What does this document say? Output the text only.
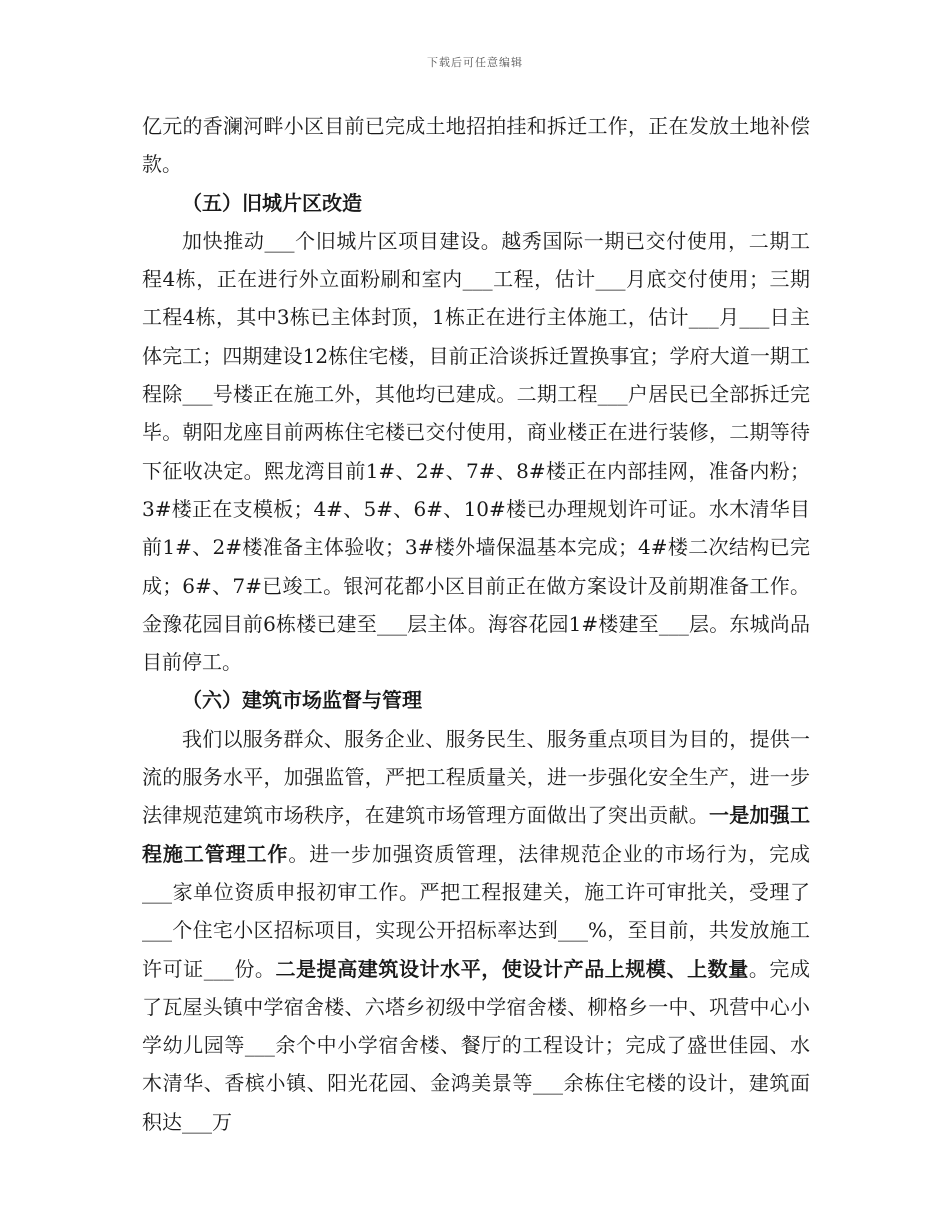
下载后可任意编辑

亿元的香澜河畔小区目前已完成土地招拍挂和拆迁工作，正在发放土地补偿款。

（五）旧城片区改造

加快推动___个旧城片区项目建设。越秀国际一期已交付使用，二期工程4栋，正在进行外立面粉刷和室内___工程，估计___月底交付使用；三期工程4栋，其中3栋已主体封顶，1栋正在进行主体施工，估计___月___日主体完工；四期建设12栋住宅楼，目前正洽谈拆迁置换事宜；学府大道一期工程除___号楼正在施工外，其他均已建成。二期工程___户居民已全部拆迁完毕。朝阳龙座目前两栋住宅楼已交付使用，商业楼正在进行装修，二期等待下征收决定。熙龙湾目前1#、2#、7#、8#楼正在内部挂网，准备内粉；3#楼正在支模板；4#、5#、6#、10#楼已办理规划许可证。水木清华目前1#、2#楼准备主体验收；3#楼外墙保温基本完成；4#楼二次结构已完成；6#、7#已竣工。银河花都小区目前正在做方案设计及前期准备工作。金豫花园目前6栋楼已建至___层主体。海容花园1#楼建至___层。东城尚品目前停工。

（六）建筑市场监督与管理

我们以服务群众、服务企业、服务民生、服务重点项目为目的，提供一流的服务水平，加强监管，严把工程质量关，进一步强化安全生产，进一步法律规范建筑市场秩序，在建筑市场管理方面做出了突出贡献。一是加强工程施工管理工作。进一步加强资质管理，法律规范企业的市场行为，完成___家单位资质申报初审工作。严把工程报建关，施工许可审批关，受理了___个住宅小区招标项目，实现公开招标率达到___%，至目前，共发放施工许可证___份。二是提高建筑设计水平，使设计产品上规模、上数量。完成了瓦屋头镇中学宿舍楼、六塔乡初级中学宿舍楼、柳格乡一中、巩营中心小学幼儿园等___余个中小学宿舍楼、餐厅的工程设计；完成了盛世佳园、水木清华、香槟小镇、阳光花园、金鸿美景等___余栋住宅楼的设计，建筑面积达___万
